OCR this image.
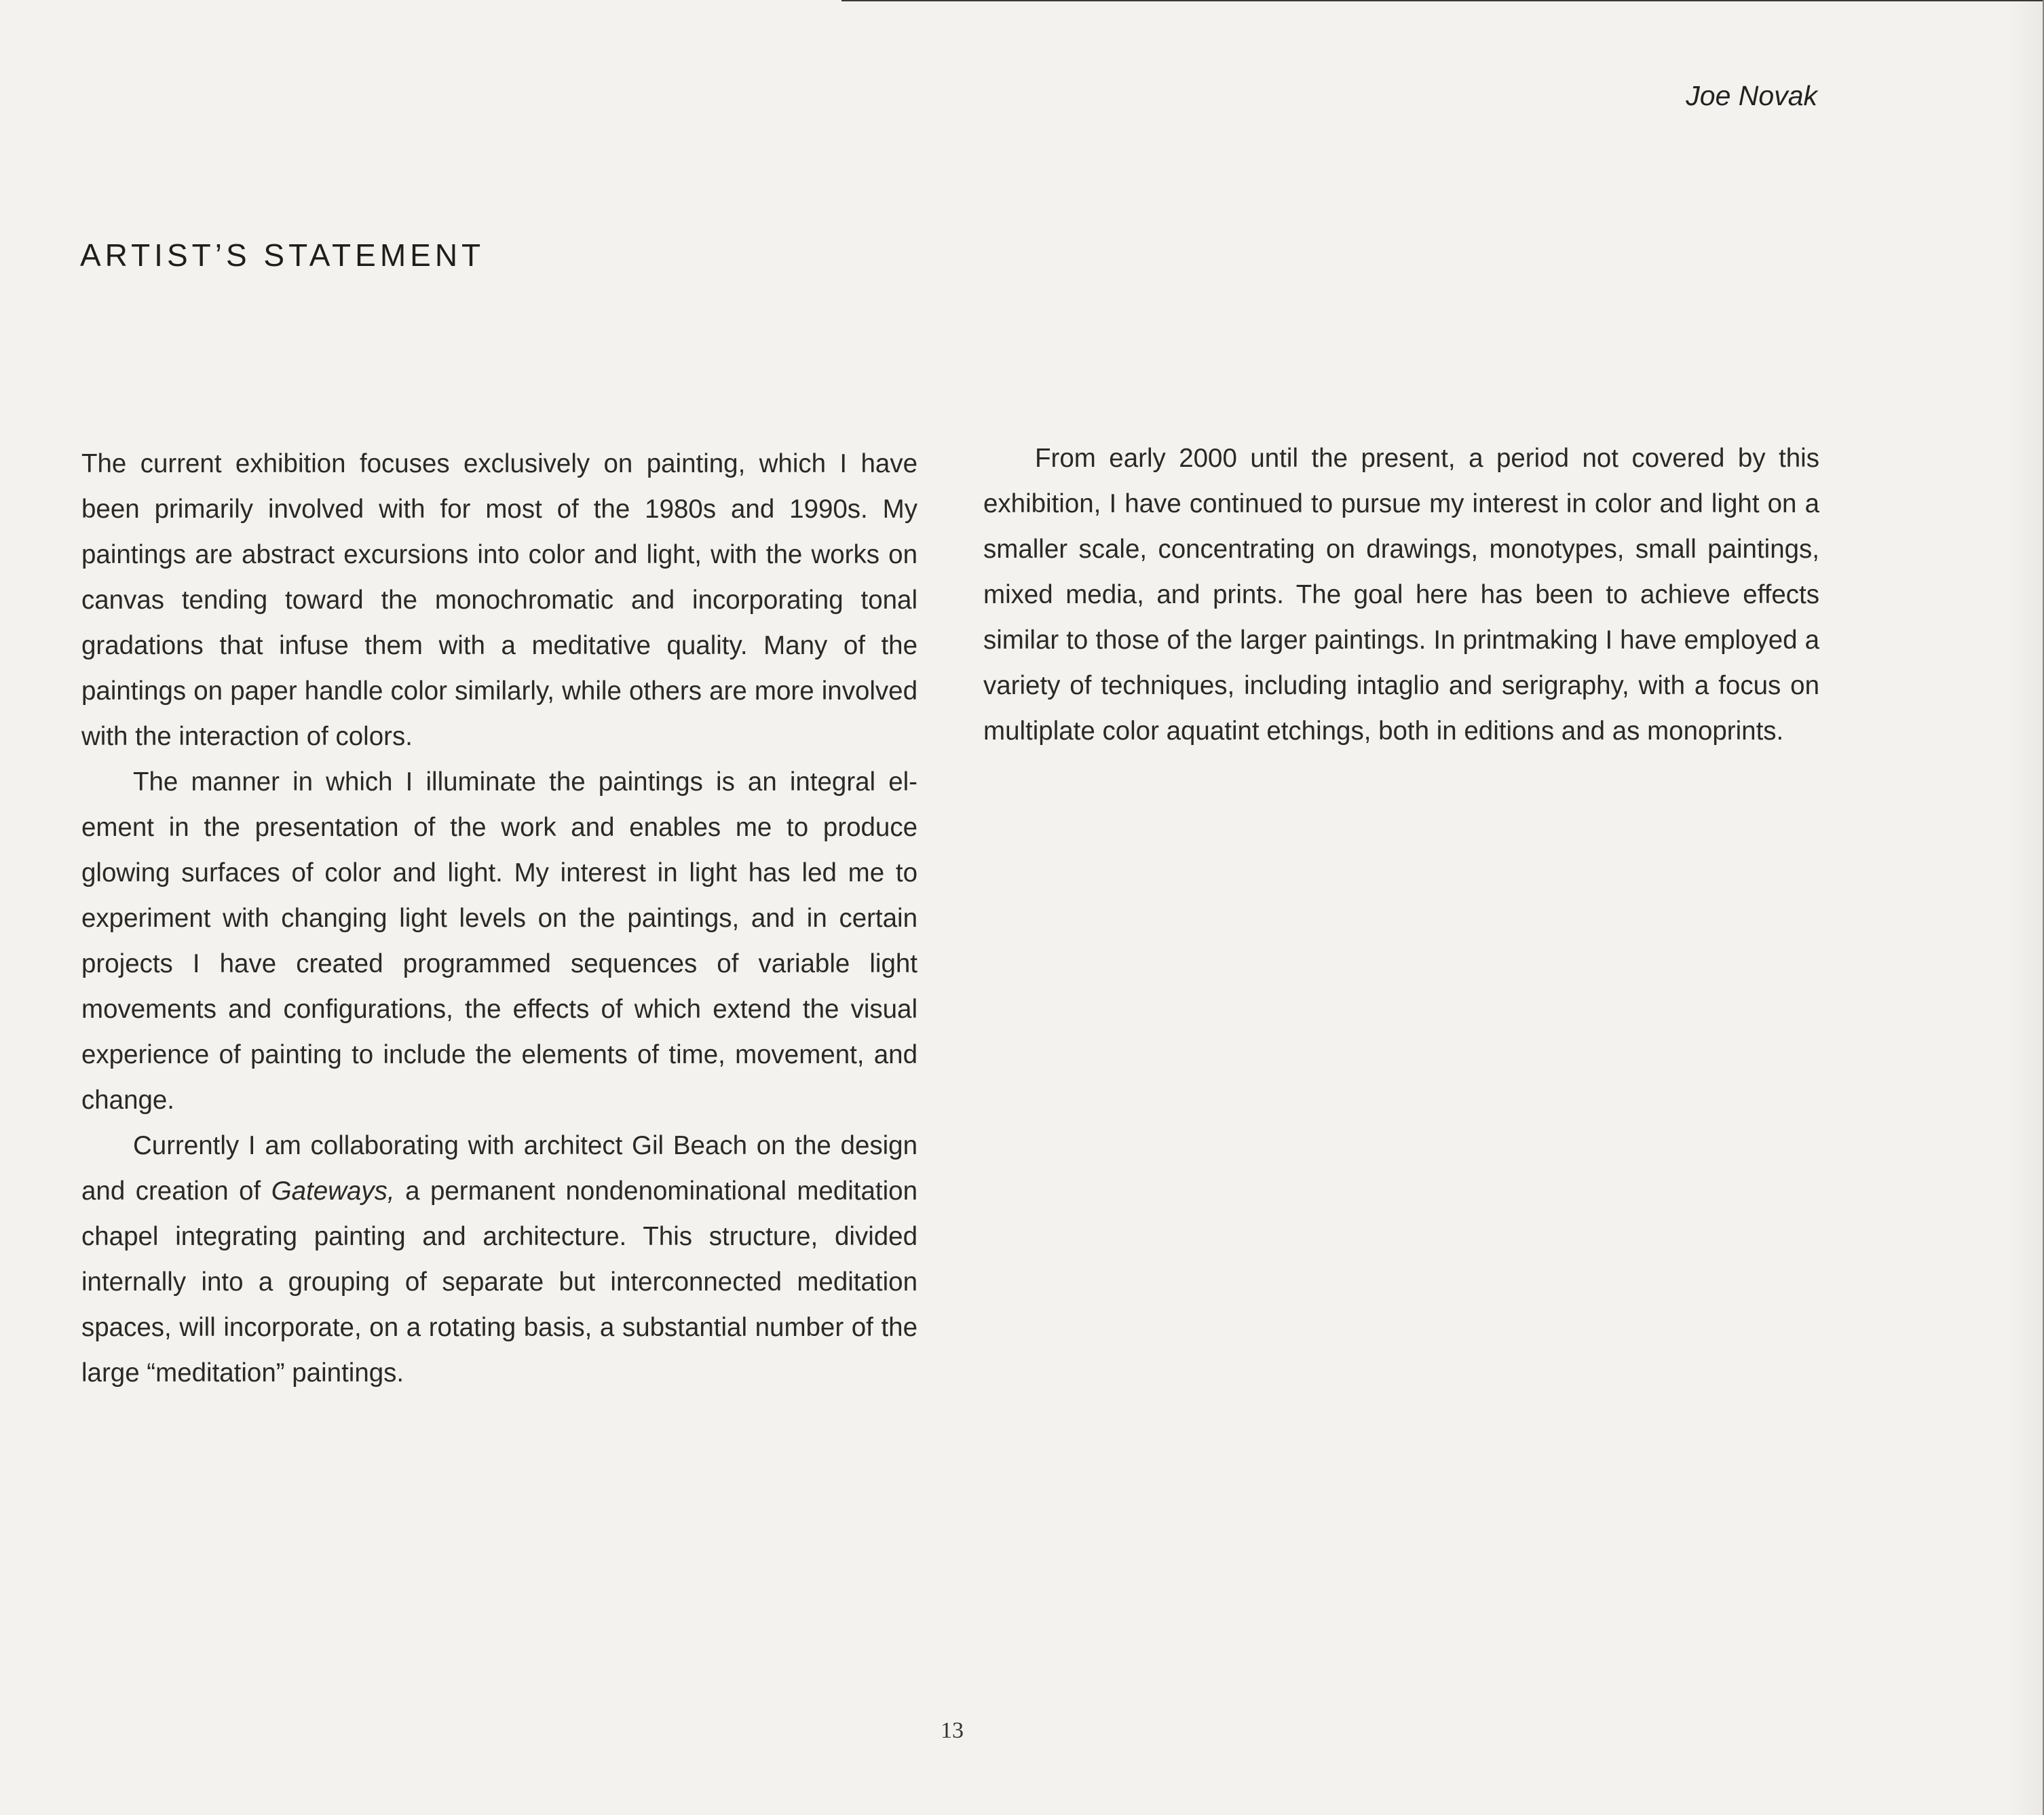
Joe Novak
ARTIST’S STATEMENT

The current exhibition focuses exclusively on painting, which I have been primarily involved with for most of the 1980s and 1990s. My paintings are abstract excursions into color and light, with the works on canvas tending toward the monochromatic and incorporating tonal gradations that infuse them with a meditative quality. Many of the paintings on paper handle color similarly, while others are more involved with the interaction of colors.

The manner in which I illuminate the paintings is an integral element in the presentation of the work and enables me to produce glowing surfaces of color and light. My interest in light has led me to experiment with changing light levels on the paintings, and in certain projects I have created programmed sequences of variable light movements and configurations, the effects of which extend the visual experience of painting to include the elements of time, movement, and change.

Currently I am collaborating with architect Gil Beach on the design and creation of Gateways, a permanent nondenominational meditation chapel integrating painting and architecture. This structure, divided internally into a grouping of separate but interconnected meditation spaces, will incorporate, on a rotating basis, a substantial number of the large “meditation” paintings.

From early 2000 until the present, a period not covered by this exhibition, I have continued to pursue my interest in color and light on a smaller scale, concentrating on drawings, monotypes, small paintings, mixed media, and prints. The goal here has been to achieve effects similar to those of the larger paintings. In printmaking I have employed a variety of techniques, including intaglio and serigraphy, with a focus on multiplate color aquatint etchings, both in editions and as monoprints.

13
